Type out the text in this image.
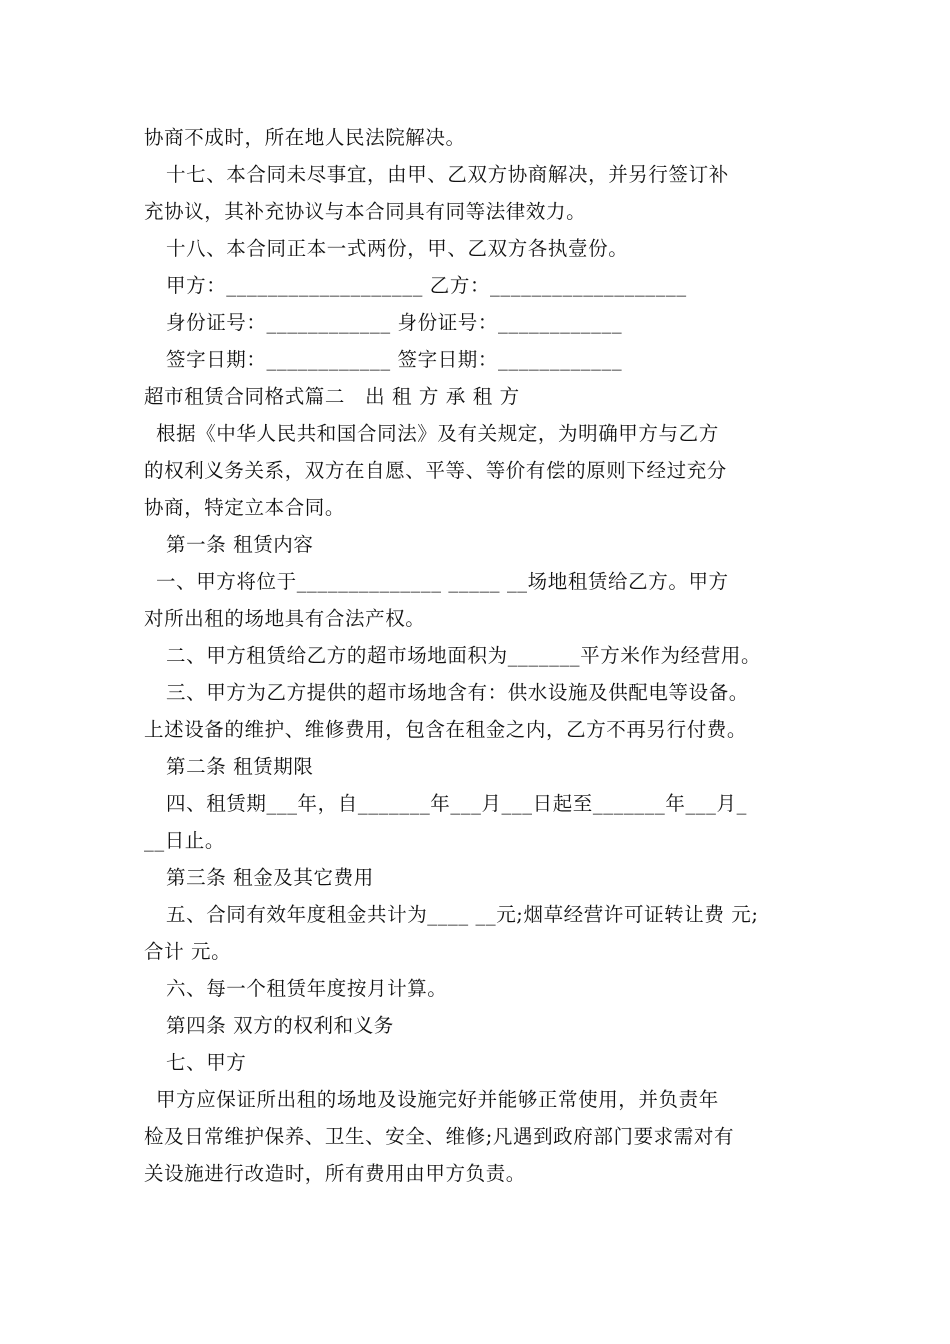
协商不成时，所在地人民法院解决。
十七、本合同未尽事宜，由甲、乙双方协商解决，并另行签订补
充协议，其补充协议与本合同具有同等法律效力。
十八、本合同正本一式两份，甲、乙双方各执壹份。
甲方：___________________ 乙方：___________________
身份证号：____________ 身份证号：____________
签字日期：____________ 签字日期：____________
超市租赁合同格式篇二　出 租 方 承 租 方
根据《中华人民共和国合同法》及有关规定，为明确甲方与乙方
的权利义务关系，双方在自愿、平等、等价有偿的原则下经过充分
协商，特定立本合同。
第一条 租赁内容
一、甲方将位于______________ _____ __场地租赁给乙方。甲方
对所出租的场地具有合法产权。
二、甲方租赁给乙方的超市场地面积为_______平方米作为经营用。
三、甲方为乙方提供的超市场地含有：供水设施及供配电等设备。
上述设备的维护、维修费用，包含在租金之内，乙方不再另行付费。
第二条 租赁期限
四、租赁期___年，自_______年___月___日起至_______年___月_
__日止。
第三条 租金及其它费用
五、合同有效年度租金共计为____ __元;烟草经营许可证转让费 元;
合计 元。
六、每一个租赁年度按月计算。
第四条 双方的权利和义务
七、甲方
甲方应保证所出租的场地及设施完好并能够正常使用，并负责年
检及日常维护保养、卫生、安全、维修;凡遇到政府部门要求需对有
关设施进行改造时，所有费用由甲方负责。
